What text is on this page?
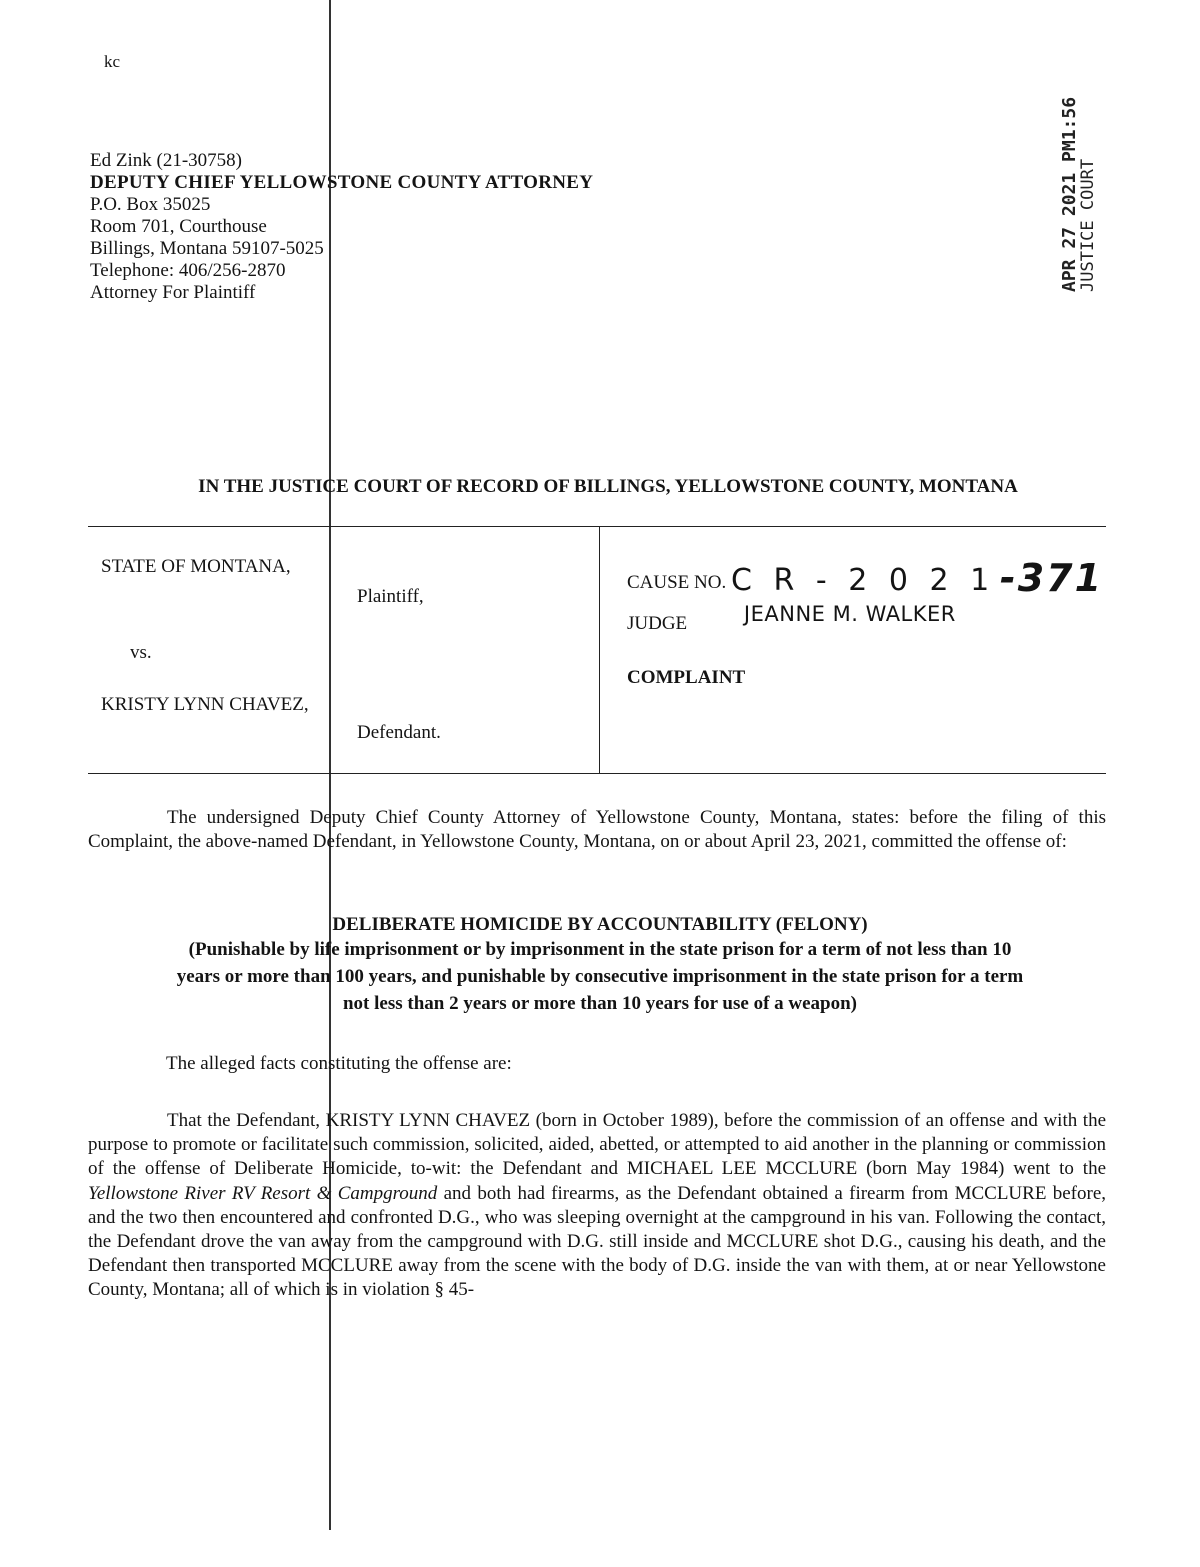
kc
APR 27 2021 PM1:56
JUSTICE COURT
Ed Zink (21-30758)
DEPUTY CHIEF YELLOWSTONE COUNTY ATTORNEY
P.O. Box 35025
Room 701, Courthouse
Billings, Montana 59107-5025
Telephone: 406/256-2870
Attorney For Plaintiff
IN THE JUSTICE COURT OF RECORD OF BILLINGS, YELLOWSTONE COUNTY, MONTANA
STATE OF MONTANA,
Plaintiff,
vs.
KRISTY LYNN CHAVEZ,
Defendant.
CAUSE NO. C R - 2 0 2 1 -371
JUDGE	JEANNE M. WALKER
COMPLAINT
The undersigned Deputy Chief County Attorney of Yellowstone County, Montana, states: before the filing of this Complaint, the above-named Defendant, in Yellowstone County, Montana, on or about April 23, 2021, committed the offense of:
DELIBERATE HOMICIDE BY ACCOUNTABILITY (FELONY)
(Punishable by life imprisonment or by imprisonment in the state prison for a term of not less than 10
years or more than 100 years, and punishable by consecutive imprisonment in the state prison for a term
not less than 2 years or more than 10 years for use of a weapon)
The alleged facts constituting the offense are:
That the Defendant, KRISTY LYNN CHAVEZ (born in October 1989), before the commission of an offense and with the purpose to promote or facilitate such commission, solicited, aided, abetted, or attempted to aid another in the planning or commission of the offense of Deliberate Homicide, to-wit: the Defendant and MICHAEL LEE MCCLURE (born May 1984) went to the Yellowstone River RV Resort & Campground and both had firearms, as the Defendant obtained a firearm from MCCLURE before, and the two then encountered and confronted D.G., who was sleeping overnight at the campground in his van. Following the contact, the Defendant drove the van away from the campground with D.G. still inside and MCCLURE shot D.G., causing his death, and the Defendant then transported MCCLURE away from the scene with the body of D.G. inside the van with them, at or near Yellowstone County, Montana; all of which is in violation § 45-
